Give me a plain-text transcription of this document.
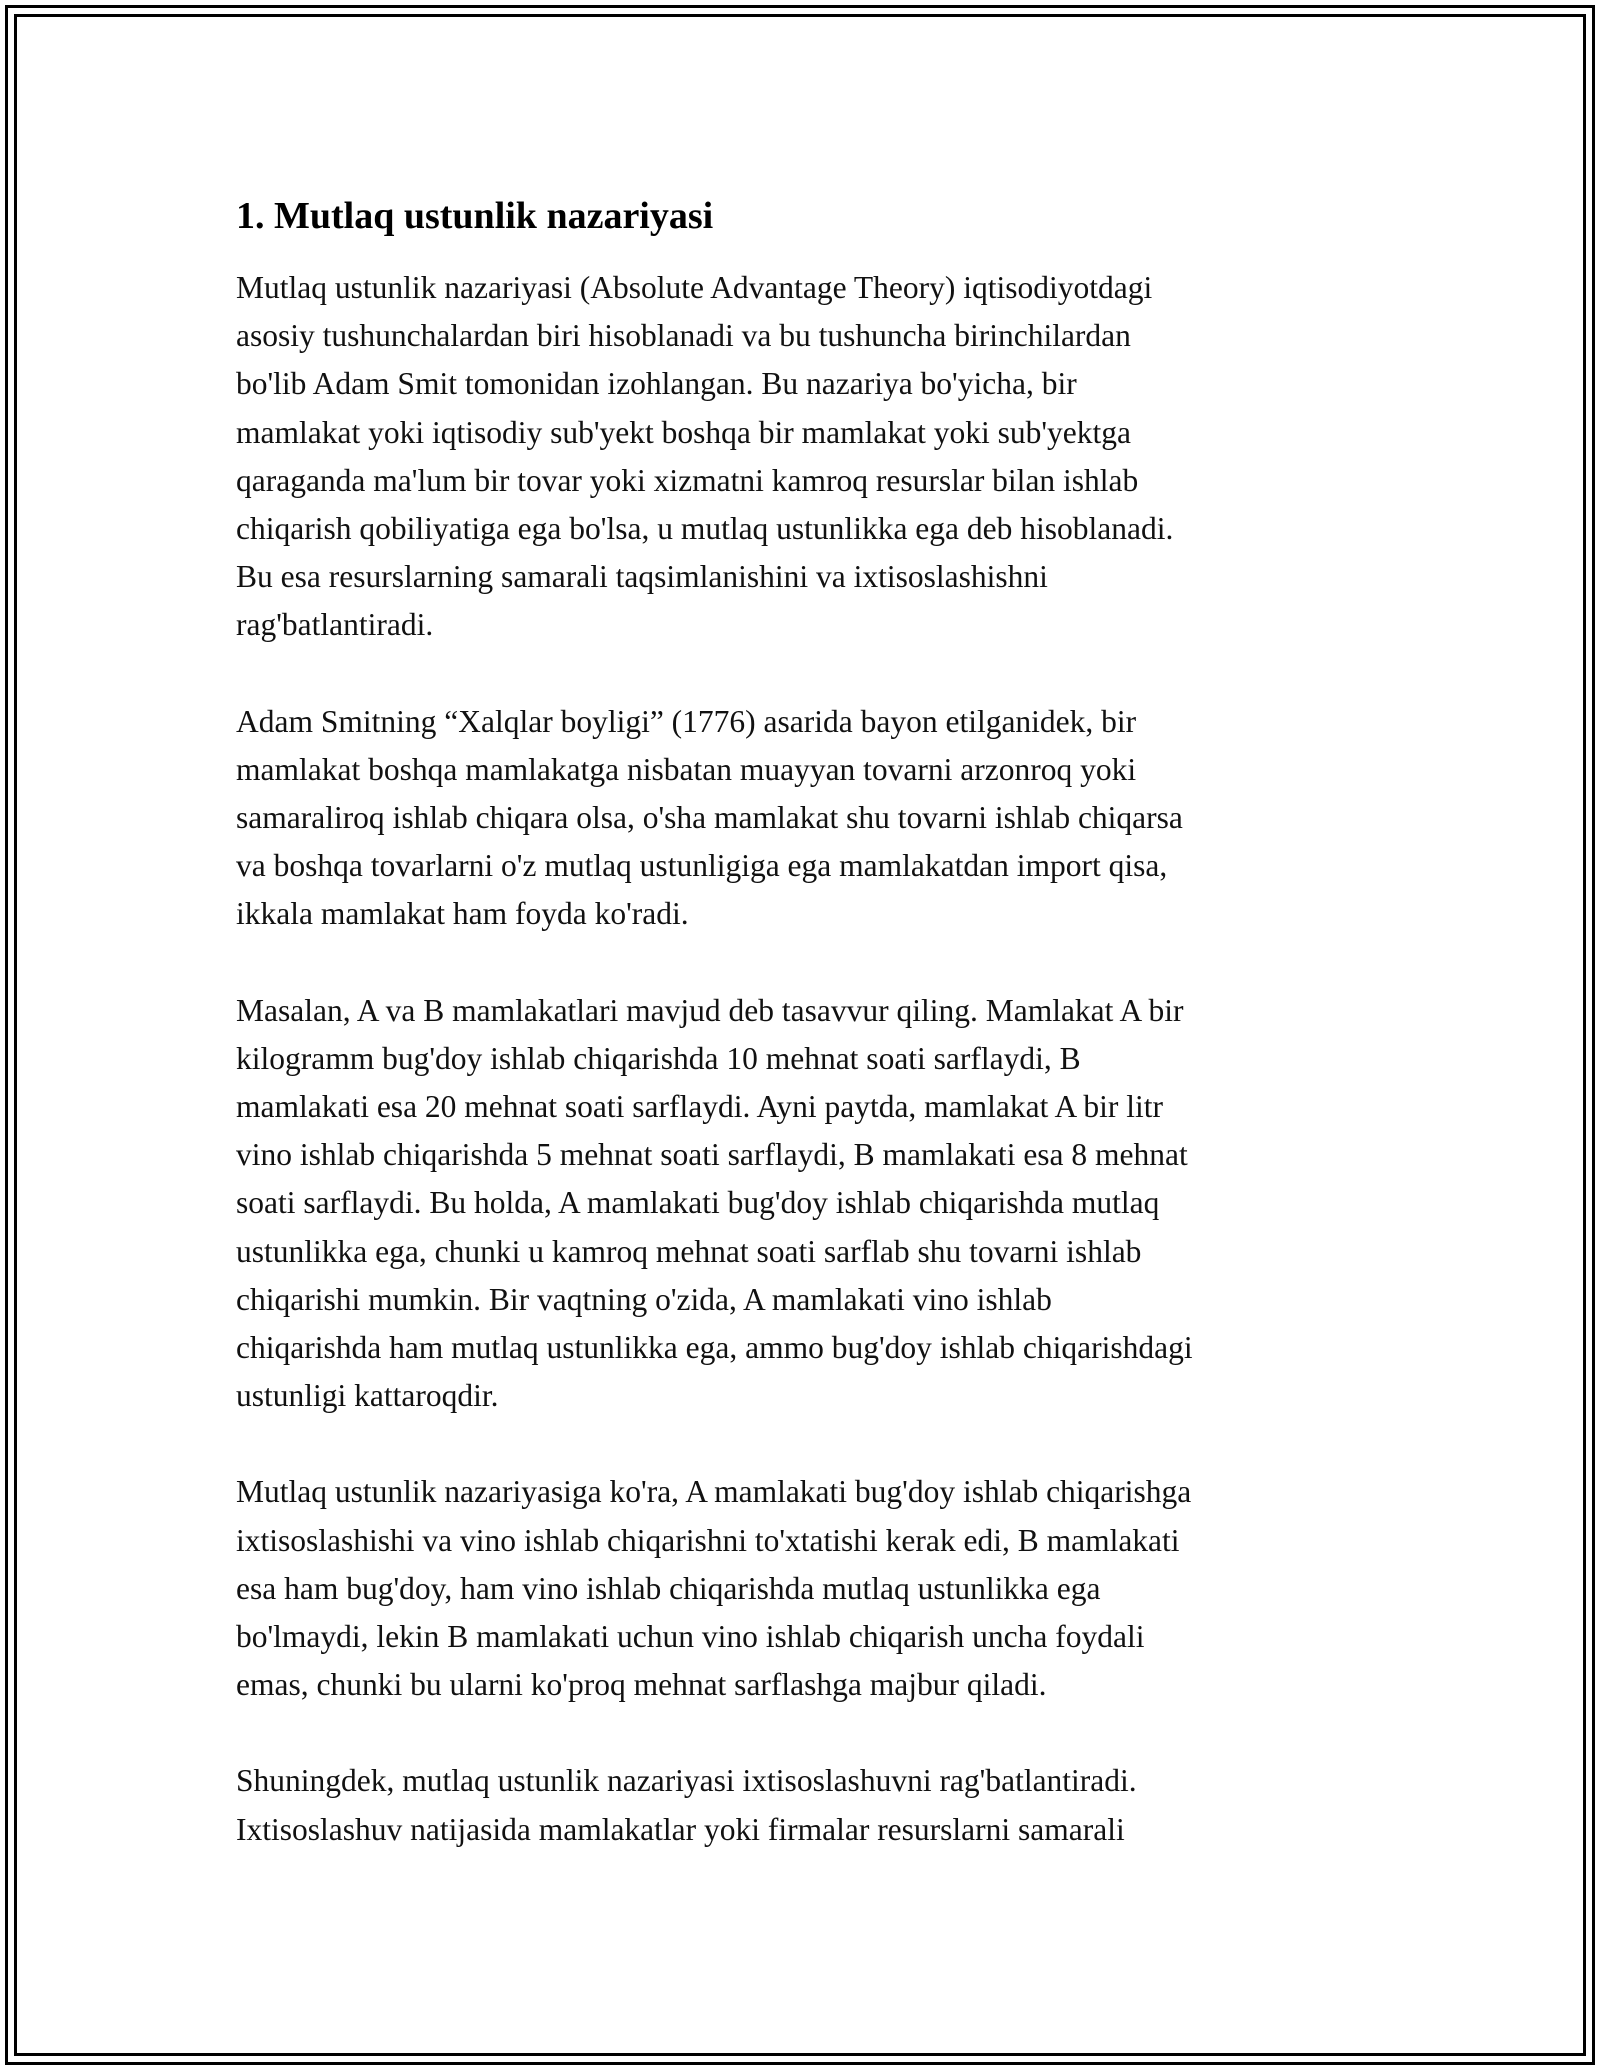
1. Mutlaq ustunlik nazariyasi

Mutlaq ustunlik nazariyasi (Absolute Advantage Theory) iqtisodiyotdagi
asosiy tushunchalardan biri hisoblanadi va bu tushuncha birinchilardan
bo'lib Adam Smit tomonidan izohlangan. Bu nazariya bo'yicha, bir
mamlakat yoki iqtisodiy sub'yekt boshqa bir mamlakat yoki sub'yektga
qaraganda ma'lum bir tovar yoki xizmatni kamroq resurslar bilan ishlab
chiqarish qobiliyatiga ega bo'lsa, u mutlaq ustunlikka ega deb hisoblanadi.
Bu esa resurslarning samarali taqsimlanishini va ixtisoslashishni
rag'batlantiradi.

Adam Smitning “Xalqlar boyligi” (1776) asarida bayon etilganidek, bir
mamlakat boshqa mamlakatga nisbatan muayyan tovarni arzonroq yoki
samaraliroq ishlab chiqara olsa, o'sha mamlakat shu tovarni ishlab chiqarsa
va boshqa tovarlarni o'z mutlaq ustunligiga ega mamlakatdan import qisa,
ikkala mamlakat ham foyda ko'radi.

Masalan, A va B mamlakatlari mavjud deb tasavvur qiling. Mamlakat A bir
kilogramm bug'doy ishlab chiqarishda 10 mehnat soati sarflaydi, B
mamlakati esa 20 mehnat soati sarflaydi. Ayni paytda, mamlakat A bir litr
vino ishlab chiqarishda 5 mehnat soati sarflaydi, B mamlakati esa 8 mehnat
soati sarflaydi. Bu holda, A mamlakati bug'doy ishlab chiqarishda mutlaq
ustunlikka ega, chunki u kamroq mehnat soati sarflab shu tovarni ishlab
chiqarishi mumkin. Bir vaqtning o'zida, A mamlakati vino ishlab
chiqarishda ham mutlaq ustunlikka ega, ammo bug'doy ishlab chiqarishdagi
ustunligi kattaroqdir.

Mutlaq ustunlik nazariyasiga ko'ra, A mamlakati bug'doy ishlab chiqarishga
ixtisoslashishi va vino ishlab chiqarishni to'xtatishi kerak edi, B mamlakati
esa ham bug'doy, ham vino ishlab chiqarishda mutlaq ustunlikka ega
bo'lmaydi, lekin B mamlakati uchun vino ishlab chiqarish uncha foydali
emas, chunki bu ularni ko'proq mehnat sarflashga majbur qiladi.

Shuningdek, mutlaq ustunlik nazariyasi ixtisoslashuvni rag'batlantiradi.
Ixtisoslashuv natijasida mamlakatlar yoki firmalar resurslarni samarali
